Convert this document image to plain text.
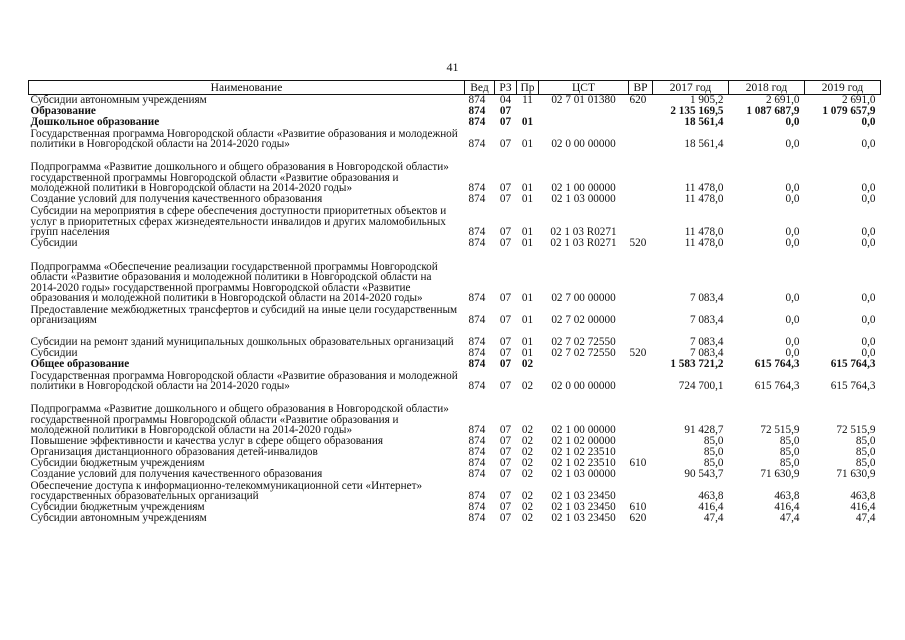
41
Наименование	Вед	РЗ	Пр	ЦСТ	ВР	2017 год	2018 год	2019 год
Субсидии автономным учреждениям	874	04	11	02 7 01 01380	620	1 905,2	2 691,0	2 691,0
Образование	874	07				2 135 169,5	1 087 687,9	1 079 657,9
Дошкольное образование	874	07	01			18 561,4	0,0	0,0
Государственная программа Новгородской области «Развитие образования и молодежной политики в Новгородской области на 2014-2020 годы»	874	07	01	02 0 00 00000		18 561,4	0,0	0,0
Подпрограмма «Развитие дошкольного и общего образования в Новгородской области» государственной программы Новгородской области «Развитие образования и молодежной политики в Новгородской области на 2014-2020 годы»	874	07	01	02 1 00 00000		11 478,0	0,0	0,0
Создание условий для получения качественного образования	874	07	01	02 1 03 00000		11 478,0	0,0	0,0
Субсидии на мероприятия в сфере обеспечения доступности приоритетных объектов и услуг в приоритетных сферах жизнедеятельности инвалидов и других маломобильных групп населения	874	07	01	02 1 03 R0271		11 478,0	0,0	0,0
Субсидии	874	07	01	02 1 03 R0271	520	11 478,0	0,0	0,0
Подпрограмма «Обеспечение реализации государственной программы Новгородской области «Развитие образования и молодежной политики в Новгородской области на 2014-2020 годы» государственной программы Новгородской области «Развитие образования и молодежной политики в Новгородской области на 2014-2020 годы»	874	07	01	02 7 00 00000		7 083,4	0,0	0,0
Предоставление межбюджетных трансфертов и субсидий на иные цели государственным организациям	874	07	01	02 7 02 00000		7 083,4	0,0	0,0
Субсидии на ремонт зданий муниципальных дошкольных образовательных организаций	874	07	01	02 7 02 72550		7 083,4	0,0	0,0
Субсидии	874	07	01	02 7 02 72550	520	7 083,4	0,0	0,0
Общее образование	874	07	02			1 583 721,2	615 764,3	615 764,3
Государственная программа Новгородской области «Развитие образования и молодежной политики в Новгородской области на 2014-2020 годы»	874	07	02	02 0 00 00000		724 700,1	615 764,3	615 764,3
Подпрограмма «Развитие дошкольного и общего образования в Новгородской области» государственной программы Новгородской области «Развитие образования и молодежной политики в Новгородской области на 2014-2020 годы»	874	07	02	02 1 00 00000		91 428,7	72 515,9	72 515,9
Повышение эффективности и качества услуг в сфере общего образования	874	07	02	02 1 02 00000		85,0	85,0	85,0
Организация дистанционного образования детей-инвалидов	874	07	02	02 1 02 23510		85,0	85,0	85,0
Субсидии бюджетным учреждениям	874	07	02	02 1 02 23510	610	85,0	85,0	85,0
Создание условий для получения качественного образования	874	07	02	02 1 03 00000		90 543,7	71 630,9	71 630,9
Обеспечение доступа к информационно-телекоммуникационной сети «Интернет» государственных образовательных организаций	874	07	02	02 1 03 23450		463,8	463,8	463,8
Субсидии бюджетным учреждениям	874	07	02	02 1 03 23450	610	416,4	416,4	416,4
Субсидии автономным учреждениям	874	07	02	02 1 03 23450	620	47,4	47,4	47,4
